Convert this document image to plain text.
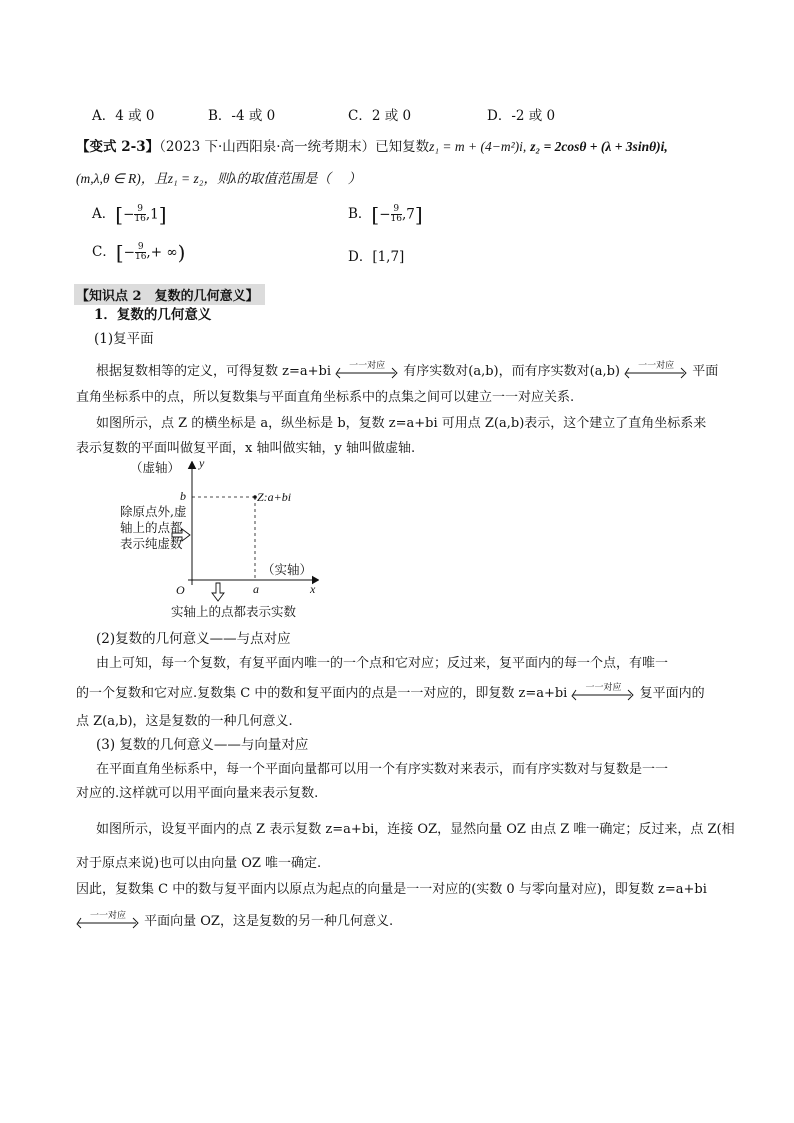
A．4 或 0	B．-4 或 0	C．2 或 0	D．-2 或 0
【变式 2-3】（2023 下·山西阳泉·高一统考期末）已知复数z₁ = m + (4−m²)i, z₂ = 2cosθ + (λ + 3sinθ)i,
(m,λ,θ ∈ R)，且z₁ = z₂，则λ的取值范围是（　 ）
A．[− $\frac{9}{16} ,1$]	B．[− $\frac{9}{16} ,7$]
C．[− $\frac{9}{16}$ ,+ ∞)	D．[1,7]
【知识点 2　复数的几何意义】
1．复数的几何意义
(1)复平面
根据复数相等的定义，可得复数 z=a+bi 一一对应 有序实数对(a,b)，而有序实数对(a,b) 一一对应 平面
直角坐标系中的点，所以复数集与平面直角坐标系中的点集之间可以建立一一对应关系.
如图所示，点 Z 的横坐标是 a，纵坐标是 b，复数 z=a+bi 可用点 Z(a,b)表示，这个建立了直角坐标系来
表示复数的平面叫做复平面，x 轴叫做实轴，y 轴叫做虚轴.
（虚轴） y
b	Z:a+bi
除原点外,虚
轴上的点都
表示纯虚数
（实轴）
O	a	x
实轴上的点都表示实数
(2)复数的几何意义——与点对应
由上可知，每一个复数，有复平面内唯一的一个点和它对应；反过来，复平面内的每一个点，有唯一
的一个复数和它对应.复数集 C 中的数和复平面内的点是一一对应的，即复数 z=a+bi 一一对应 复平面内的
点 Z(a,b)，这是复数的一种几何意义.
(3) 复数的几何意义——与向量对应
在平面直角坐标系中，每一个平面向量都可以用一个有序实数对来表示，而有序实数对与复数是一一
对应的.这样就可以用平面向量来表示复数.
如图所示，设复平面内的点 Z 表示复数 z=a+bi，连接 OZ，显然向量 OZ 由点 Z 唯一确定；反过来，点 Z(相
对于原点来说)也可以由向量 OZ 唯一确定.
因此，复数集 C 中的数与复平面内以原点为起点的向量是一一对应的(实数 0 与零向量对应)，即复数 z=a+bi
一一对应 平面向量 OZ，这是复数的另一种几何意义.
